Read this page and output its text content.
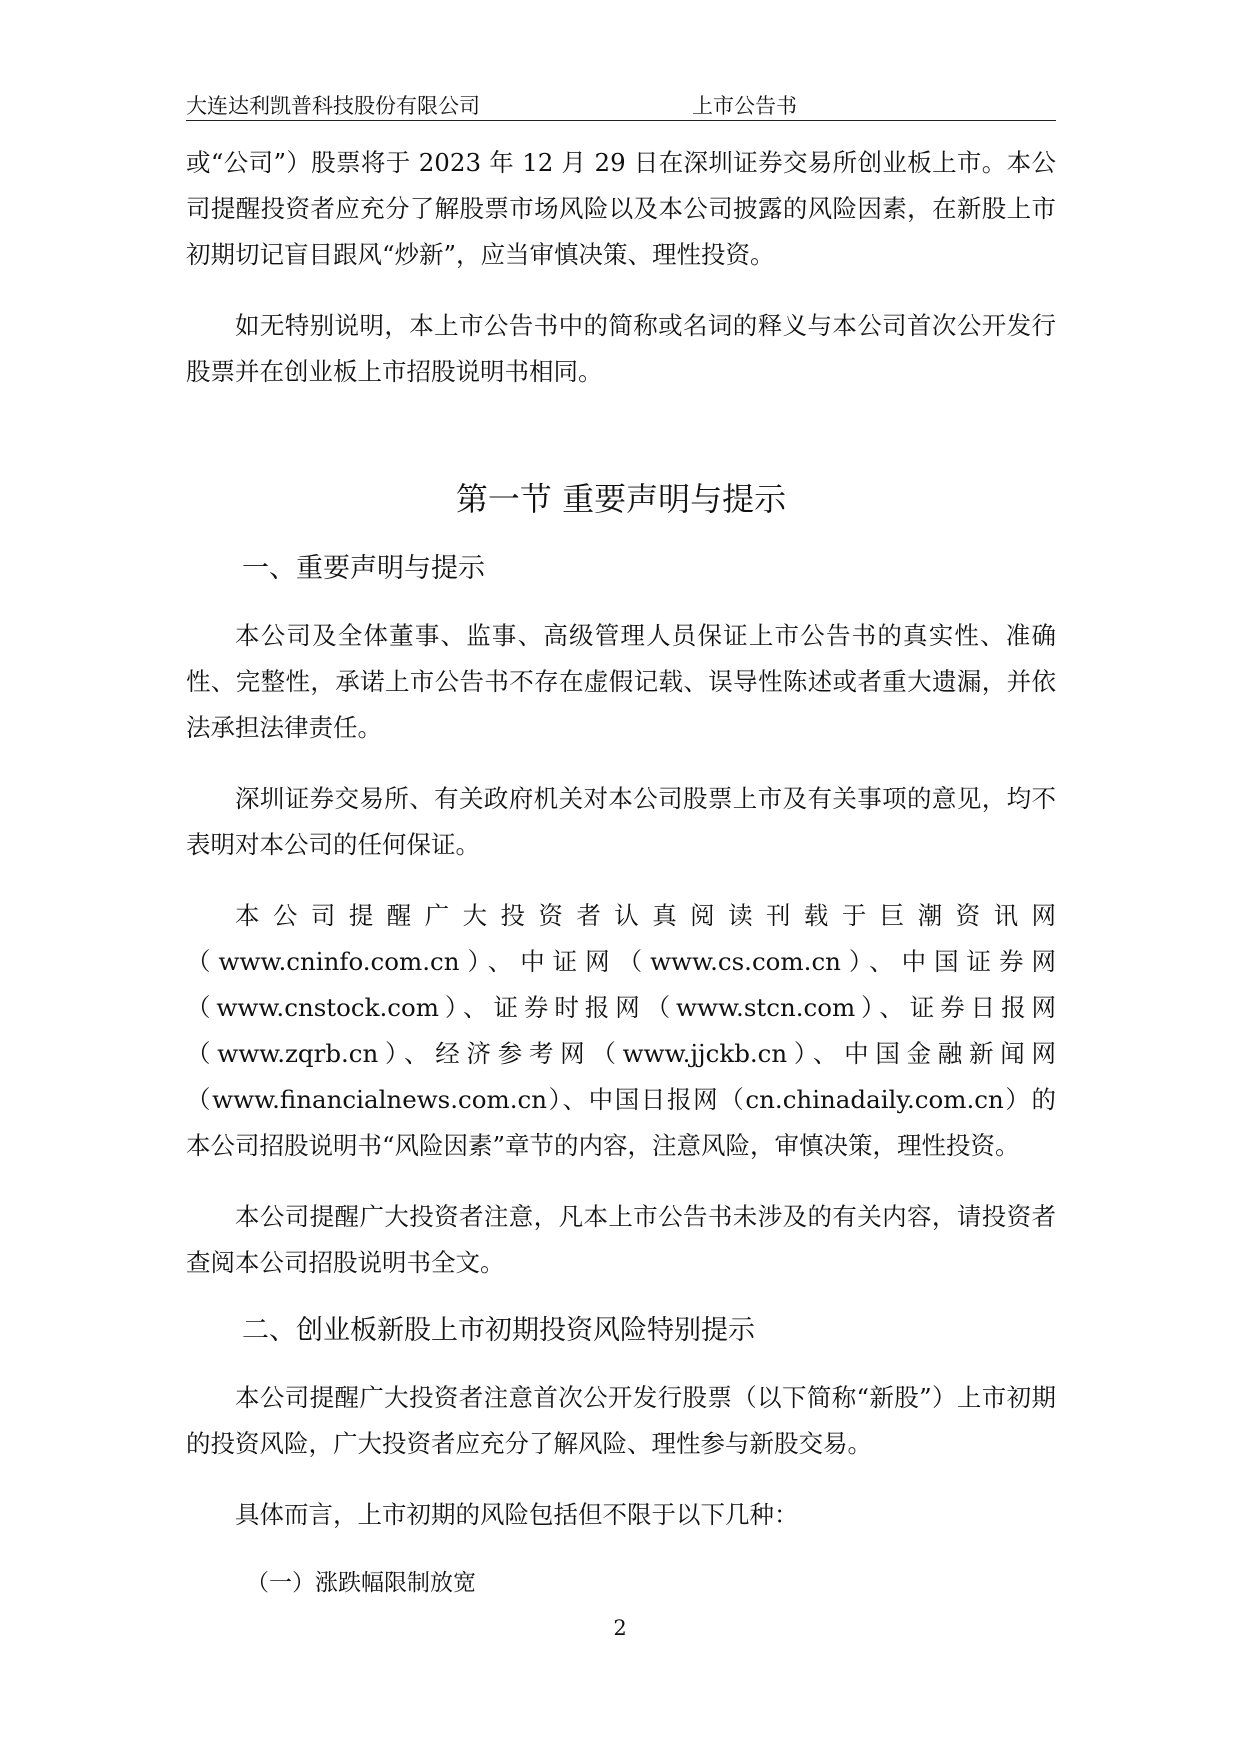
大连达利凯普科技股份有限公司	上市公告书

或“公司”）股票将于 2023 年 12 月 29 日在深圳证券交易所创业板上市。本公司提醒投资者应充分了解股票市场风险以及本公司披露的风险因素，在新股上市初期切记盲目跟风“炒新”，应当审慎决策、理性投资。

如无特别说明，本上市公告书中的简称或名词的释义与本公司首次公开发行股票并在创业板上市招股说明书相同。

第一节 重要声明与提示
一、重要声明与提示

本公司及全体董事、监事、高级管理人员保证上市公告书的真实性、准确性、完整性，承诺上市公告书不存在虚假记载、误导性陈述或者重大遗漏，并依法承担法律责任。

深圳证券交易所、有关政府机关对本公司股票上市及有关事项的意见，均不表明对本公司的任何保证。

本公司提醒广大投资者认真阅读刊载于巨潮资讯网（www.cninfo.com.cn）、中证网（www.cs.com.cn）、中国证券网（www.cnstock.com）、证券时报网（www.stcn.com）、证券日报网（www.zqrb.cn）、经济参考网（www.jjckb.cn）、中国金融新闻网（www.financialnews.com.cn）、中国日报网（cn.chinadaily.com.cn）的本公司招股说明书“风险因素”章节的内容，注意风险，审慎决策，理性投资。

本公司提醒广大投资者注意，凡本上市公告书未涉及的有关内容，请投资者查阅本公司招股说明书全文。

二、创业板新股上市初期投资风险特别提示

本公司提醒广大投资者注意首次公开发行股票（以下简称“新股”）上市初期的投资风险，广大投资者应充分了解风险、理性参与新股交易。

具体而言，上市初期的风险包括但不限于以下几种：

（一）涨跌幅限制放宽
2
